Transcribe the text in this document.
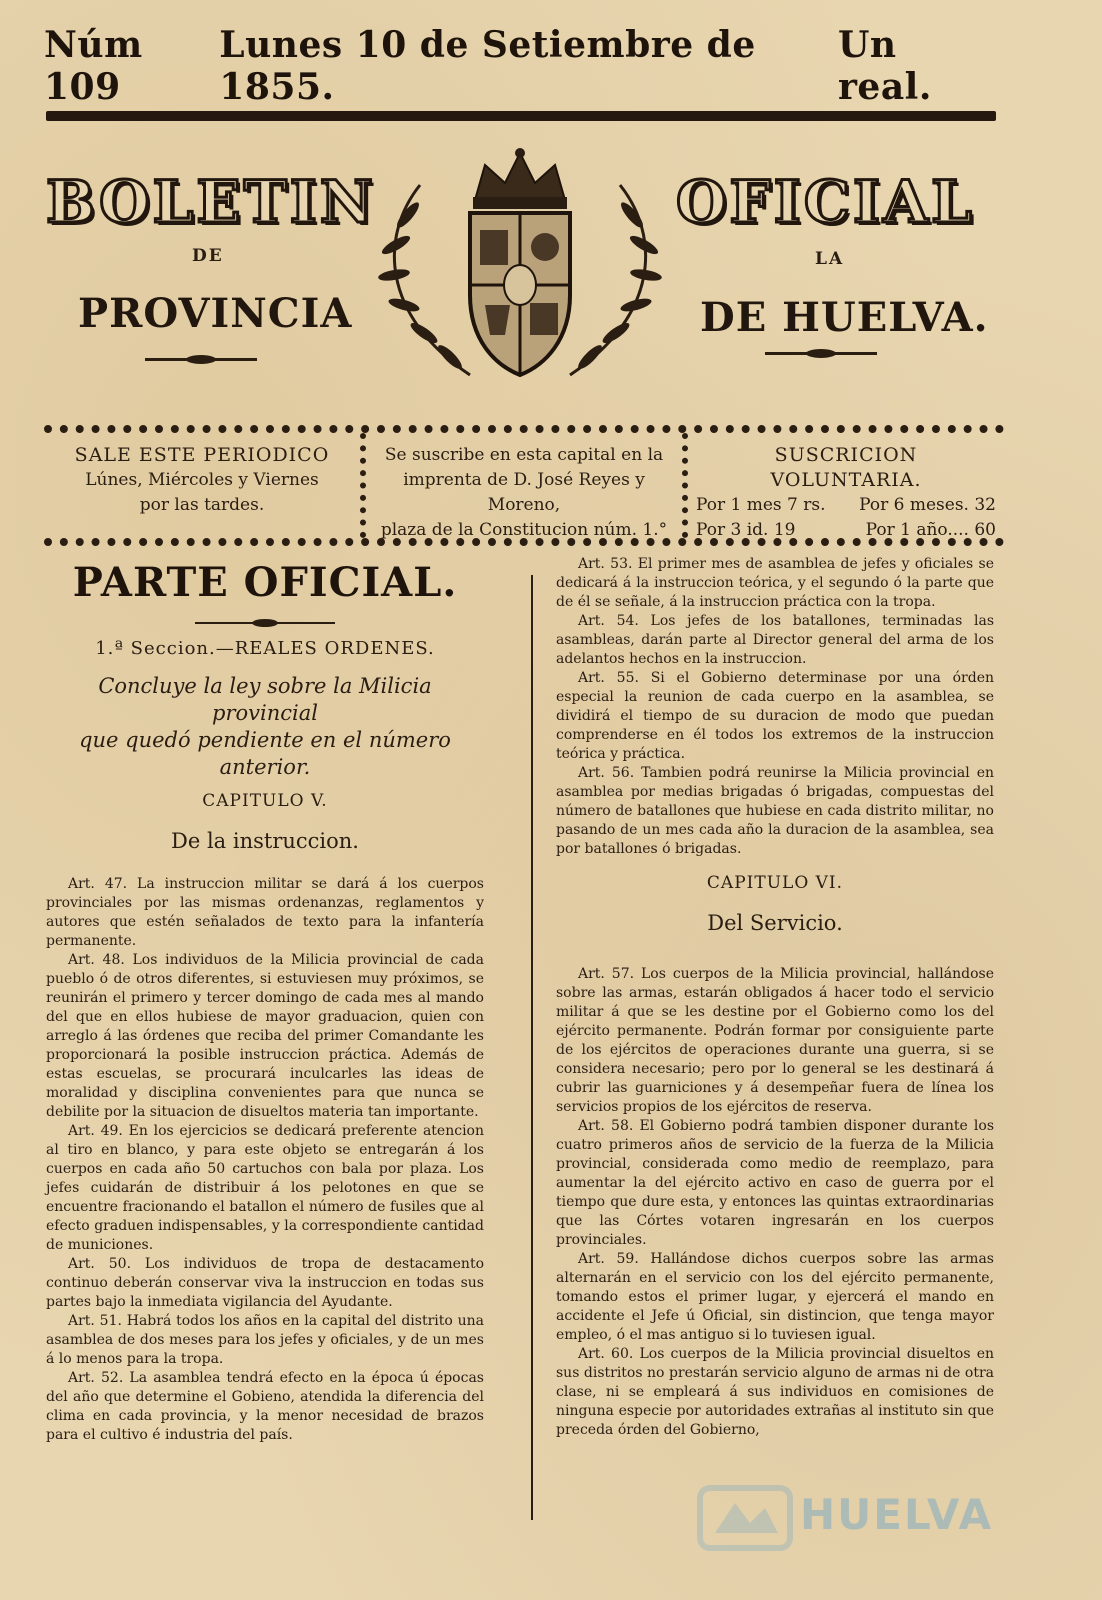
Núm 109
Lunes 10 de Setiembre de 1855.
Un real.
BOLETIN	OFICIAL
DE	LA
PROVINCIA	DE HUELVA.
SALE ESTE PERIODICO
Lúnes, Miércoles y Viernes
por las tardes.
Se suscribe en esta capital en la
imprenta de D. José Reyes y Moreno,
plaza de la Constitucion núm. 1.°
SUSCRICION VOLUNTARIA.
Por 1 mes 7 rs. Por 6 meses. 32
Por 3 id. 19	Por 1 año.... 60
PARTE OFICIAL.
1.ª Seccion.—REALES ORDENES.
Concluye la ley sobre la Milicia provincial
que quedó pendiente en el número anterior.
CAPITULO V.
De la instruccion.

Art. 47. La instruccion militar se dará á los cuerpos provinciales por las mismas ordenanzas, reglamentos y autores que estén señalados de texto para la infantería permanente.

Art. 48. Los individuos de la Milicia provincial de cada pueblo ó de otros diferentes, si estuviesen muy próximos, se reunirán el primero y tercer domingo de cada mes al mando del que en ellos hubiese de mayor graduacion, quien con arreglo á las órdenes que reciba del primer Comandante les proporcionará la posible instruccion práctica. Además de estas escuelas, se procurará inculcarles las ideas de moralidad y disciplina convenientes para que nunca se debilite por la situacion de disueltos materia tan importante.

Art. 49. En los ejercicios se dedicará preferente atencion al tiro en blanco, y para este objeto se entregarán á los cuerpos en cada año 50 cartuchos con bala por plaza. Los jefes cuidarán de distribuir á los pelotones en que se encuentre fracionando el batallon el número de fusiles que al efecto graduen indispensables, y la correspondiente cantidad de municiones.

Art. 50. Los individuos de tropa de destacamento continuo deberán conservar viva la instruccion en todas sus partes bajo la inmediata vigilancia del Ayudante.

Art. 51. Habrá todos los años en la capital del distrito una asamblea de dos meses para los jefes y oficiales, y de un mes á lo menos para la tropa.

Art. 52. La asamblea tendrá efecto en la época ú épocas del año que determine el Gobieno, atendida la diferencia del clima en cada provincia, y la menor necesidad de brazos para el cultivo é industria del país.

Art. 53. El primer mes de asamblea de jefes y oficiales se dedicará á la instruccion teórica, y el segundo ó la parte que de él se señale, á la instruccion práctica con la tropa.

Art. 54. Los jefes de los batallones, terminadas las asambleas, darán parte al Director general del arma de los adelantos hechos en la instruccion.

Art. 55. Si el Gobierno determinase por una órden especial la reunion de cada cuerpo en la asamblea, se dividirá el tiempo de su duracion de modo que puedan comprenderse en él todos los extremos de la instruccion teórica y práctica.

Art. 56. Tambien podrá reunirse la Milicia provincial en asamblea por medias brigadas ó brigadas, compuestas del número de batallones que hubiese en cada distrito militar, no pasando de un mes cada año la duracion de la asamblea, sea por batallones ó brigadas.

CAPITULO VI.
Del Servicio.

Art. 57. Los cuerpos de la Milicia provincial, hallándose sobre las armas, estarán obligados á hacer todo el servicio militar á que se les destine por el Gobierno como los del ejército permanente. Podrán formar por consiguiente parte de los ejércitos de operaciones durante una guerra, si se considera necesario; pero por lo general se les destinará á cubrir las guarniciones y á desempeñar fuera de línea los servicios propios de los ejércitos de reserva.

Art. 58. El Gobierno podrá tambien disponer durante los cuatro primeros años de servicio de la fuerza de la Milicia provincial, considerada como medio de reemplazo, para aumentar la del ejército activo en caso de guerra por el tiempo que dure esta, y entonces las quintas extraordinarias que las Córtes votaren ingresarán en los cuerpos provinciales.

Art. 59. Hallándose dichos cuerpos sobre las armas alternarán en el servicio con los del ejército permanente, tomando estos el primer lugar, y ejercerá el mando en accidente el Jefe ú Oficial, sin distincion, que tenga mayor empleo, ó el mas antiguo si lo tuviesen igual.

Art. 60. Los cuerpos de la Milicia provincial disueltos en sus distritos no prestarán servicio alguno de armas ni de otra clase, ni se empleará á sus individuos en comisiones de ninguna especie por autoridades extrañas al instituto sin que preceda órden del Gobierno,

HUELVA
